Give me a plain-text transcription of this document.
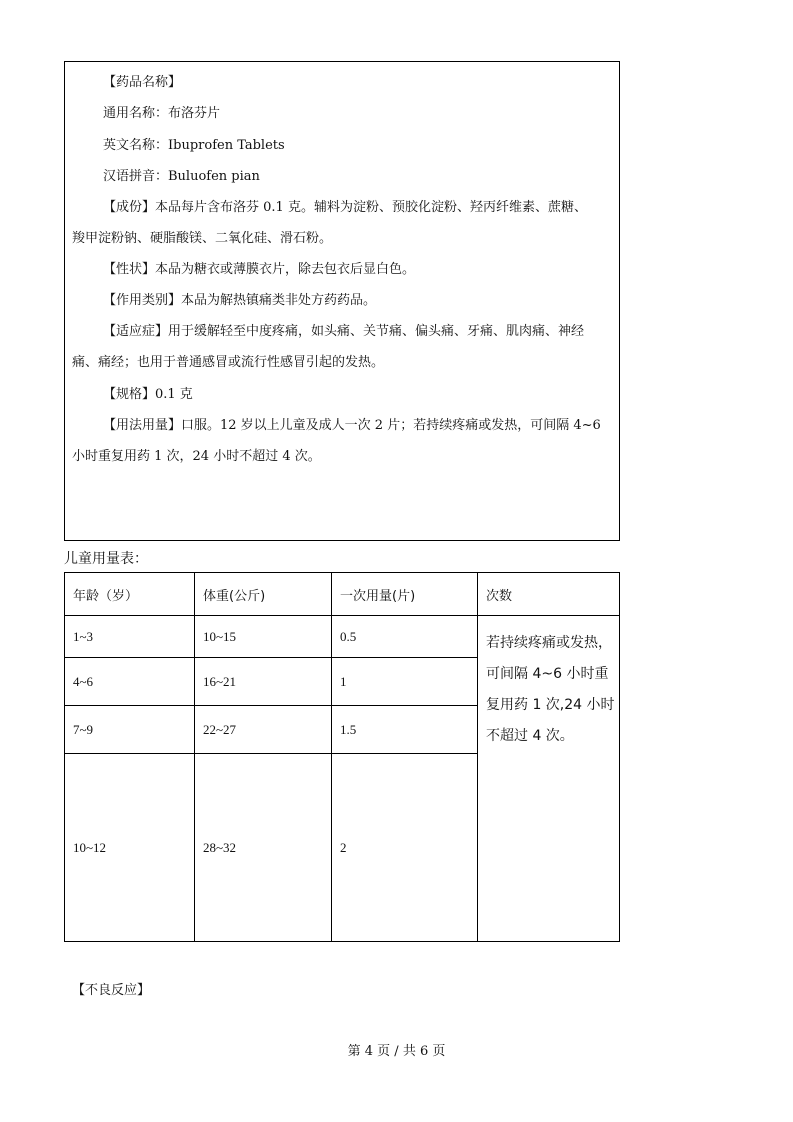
【药品名称】
通用名称：布洛芬片
英文名称：Ibuprofen Tablets
汉语拼音：Buluofen pian
【成份】本品每片含布洛芬 0.1 克。辅料为淀粉、预胶化淀粉、羟丙纤维素、蔗糖、
羧甲淀粉钠、硬脂酸镁、二氧化硅、滑石粉。
【性状】本品为糖衣或薄膜衣片，除去包衣后显白色。
【作用类别】本品为解热镇痛类非处方药药品。
【适应症】用于缓解轻至中度疼痛，如头痛、关节痛、偏头痛、牙痛、肌肉痛、神经
痛、痛经；也用于普通感冒或流行性感冒引起的发热。
【规格】0.1 克
【用法用量】口服。12 岁以上儿童及成人一次 2 片；若持续疼痛或发热，可间隔 4~6
小时重复用药 1 次，24 小时不超过 4 次。
儿童用量表：
年龄（岁）	体重(公斤)	一次用量(片)	次数
1~3	10~15	0.5	若持续疼痛或发热，
可间隔 4~6 小时重
复用药 1 次,24 小时
不超过 4 次。

4~6	16~21	1	
7~9	22~27	1.5	
10~12	28~32	2	
【不良反应】
第 4 页 / 共 6 页
